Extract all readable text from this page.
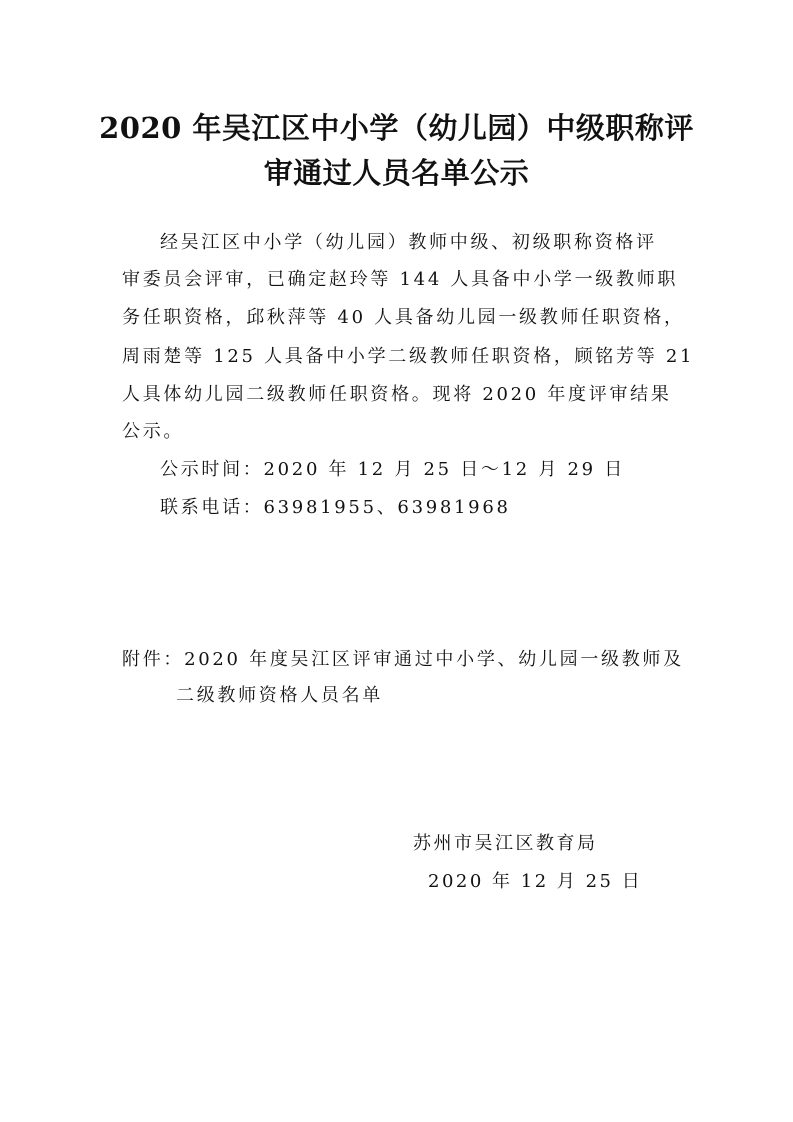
2020 年吴江区中小学（幼儿园）中级职称评
审通过人员名单公示
经吴江区中小学（幼儿园）教师中级、初级职称资格评
审委员会评审，已确定赵玲等 144 人具备中小学一级教师职
务任职资格，邱秋萍等 40 人具备幼儿园一级教师任职资格，
周雨楚等 125 人具备中小学二级教师任职资格，顾铭芳等 21
人具体幼儿园二级教师任职资格。现将 2020 年度评审结果
公示。
公示时间：2020 年 12 月 25 日～12 月 29 日
联系电话：63981955、63981968
附件：2020 年度吴江区评审通过中小学、幼儿园一级教师及
二级教师资格人员名单
苏州市吴江区教育局
2020 年 12 月 25 日
